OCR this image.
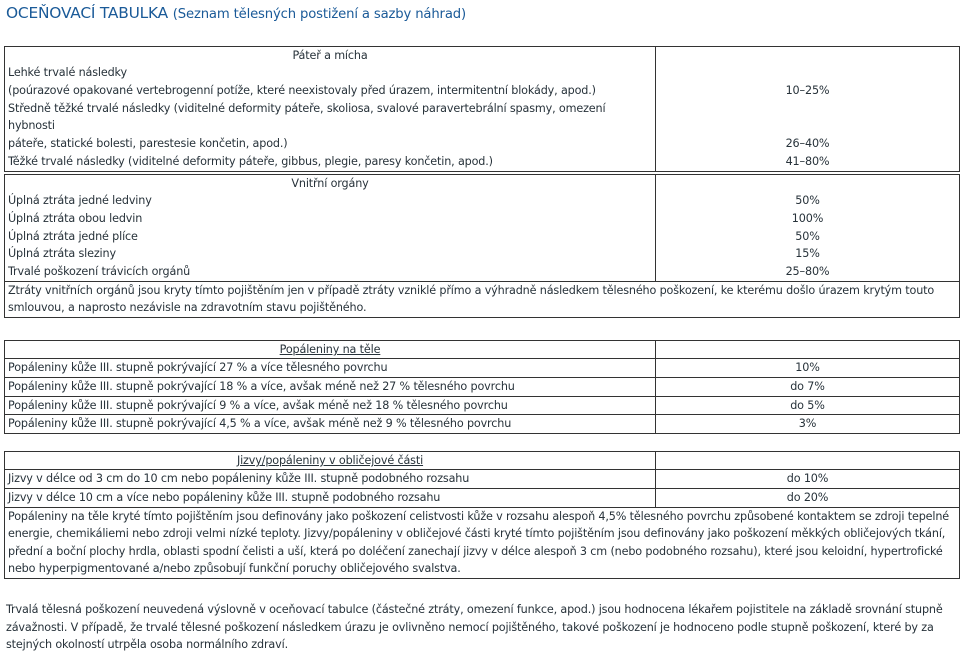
OCEŇOVACÍ TABULKA (Seznam tělesných postižení a sazby náhrad)
Páteř a mícha	
Lehké trvalé následky	
(poúrazové opakované vertebrogenní potíže, které neexistovaly před úrazem, intermitentní blokády, apod.)	10–25%
Středně těžké trvalé následky (viditelné deformity páteře, skoliosa, svalové paravertebrální spasmy, omezení hybnosti	
páteře, statické bolesti, parestesie končetin, apod.)	26–40%
Těžké trvalé následky (viditelné deformity páteře, gibbus, plegie, paresy končetin, apod.)	41–80%
Vnitřní orgány	
Úplná ztráta jedné ledviny	50%
Úplná ztráta obou ledvin	100%
Úplná ztráta jedné plíce	50%
Úplná ztráta sleziny	15%
Trvalé poškození trávicích orgánů	25–80%
Ztráty vnitřních orgánů jsou kryty tímto pojištěním jen v případě ztráty vzniklé přímo a výhradně následkem tělesného poškození, ke kterému došlo úrazem krytým touto smlouvou, a naprosto nezávisle na zdravotním stavu pojištěného.	
Popáleniny na těle	
Popáleniny kůže III. stupně pokrývající 27 % a více tělesného povrchu	10%
Popáleniny kůže III. stupně pokrývající 18 % a více, avšak méně než 27 % tělesného povrchu	do 7%
Popáleniny kůže III. stupně pokrývající 9 % a více, avšak méně než 18 % tělesného povrchu	do 5%
Popáleniny kůže III. stupně pokrývající 4,5 % a více, avšak méně než 9 % tělesného povrchu	3%
Jizvy/popáleniny v obličejové části	
Jizvy v délce od 3 cm do 10 cm nebo popáleniny kůže III. stupně podobného rozsahu	do 10%
Jizvy v délce 10 cm a více nebo popáleniny kůže III. stupně podobného rozsahu	do 20%
Popáleniny na těle kryté tímto pojištěním jsou definovány jako poškození celistvosti kůže v rozsahu alespoň 4,5% tělesného povrchu způsobené kontaktem se zdroji tepelné energie, chemikáliemi nebo zdroji velmi nízké teploty. Jizvy/popáleniny v obličejové části kryté tímto pojištěním jsou definovány jako poškození měkkých obličejových tkání, přední a boční plochy hrdla, oblasti spodní čelisti a uší, která po doléčení zanechají jizvy v délce alespoň 3 cm (nebo podobného rozsahu), které jsou keloidní, hypertrofické nebo hyperpigmentované a/nebo způsobují funkční poruchy obličejového svalstva.	
Trvalá tělesná poškození neuvedená výslovně v oceňovací tabulce (částečné ztráty, omezení funkce, apod.) jsou hodnocena lékařem pojistitele na základě srovnání stupně závažnosti. V případě, že trvalé tělesné poškození následkem úrazu je ovlivněno nemocí pojištěného, takové poškození je hodnoceno podle stupně poškození, které by za stejných okolností utrpěla osoba normálního zdraví.
